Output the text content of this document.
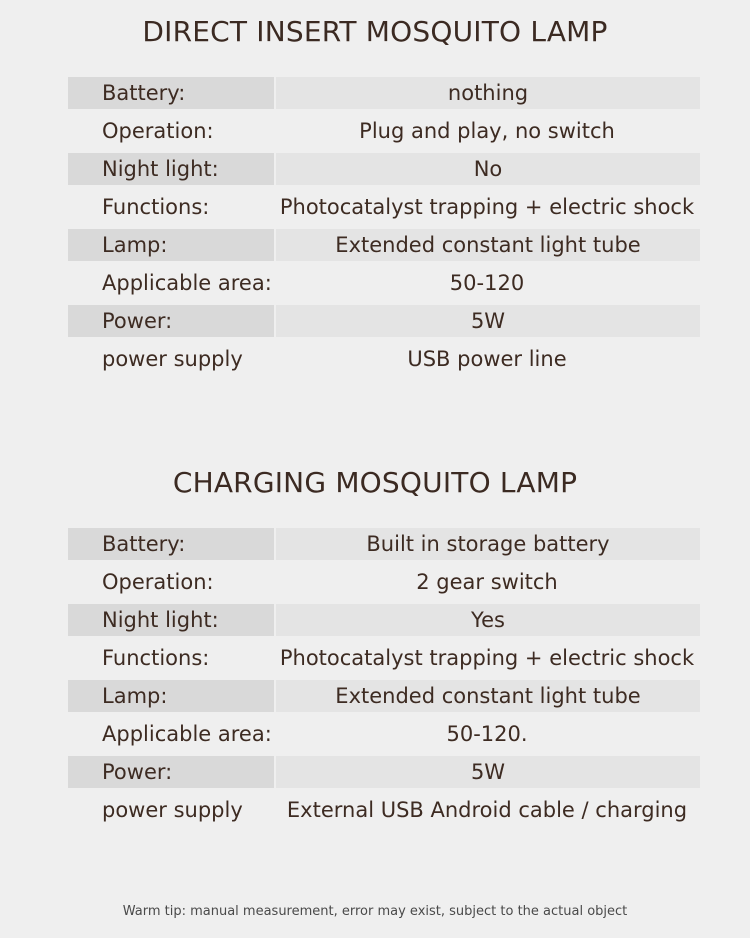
DIRECT INSERT MOSQUITO LAMP
Battery:	nothing
Operation:	Plug and play, no switch
Night light:	No
Functions:	Photocatalyst trapping + electric shock
Lamp:	Extended constant light tube
Applicable area:	50-120
Power:	5W
power supply	USB power line
CHARGING MOSQUITO LAMP
Battery:	Built in storage battery
Operation:	2 gear switch
Night light:	Yes
Functions:	Photocatalyst trapping + electric shock
Lamp:	Extended constant light tube
Applicable area:	50-120.
Power:	5W
power supply	External USB Android cable / charging
Warm tip: manual measurement, error may exist, subject to the actual object
